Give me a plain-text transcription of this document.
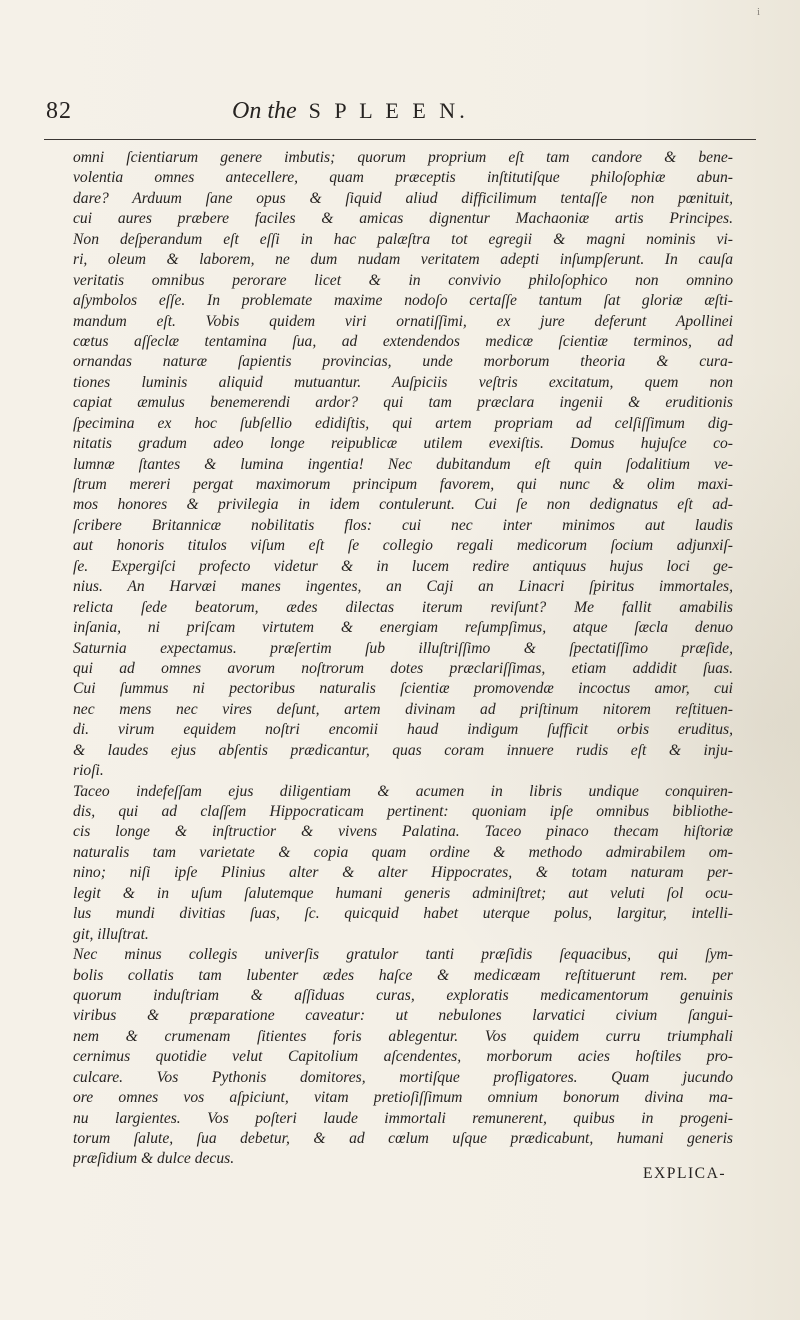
i
82	On the S P L E E N.
omni ſcientiarum genere imbutis; quorum proprium eſt tam candore & bene-
volentia omnes antecellere, quam præceptis inſtitutiſque philoſophiæ abun-
dare? Arduum ſane opus & ſiquid aliud difficilimum tentaſſe non pœnituit,
cui aures præbere faciles & amicas dignentur Machaoniæ artis Principes.
Non deſperandum eſt eſſi in hac palæſtra tot egregii & magni nominis vi-
ri, oleum & laborem, ne dum nudam veritatem adepti inſumpſerunt. In cauſa
veritatis omnibus perorare licet & in convivio philoſophico non omnino
aſymbolos eſſe. In problemate maxime nodoſo certaſſe tantum ſat gloriæ æſti-
mandum eſt. Vobis quidem viri ornatiſſimi, ex jure deferunt Apollinei
cœtus aſſeclæ tentamina ſua, ad extendendos medicæ ſcientiæ terminos, ad
ornandas naturæ ſapientis provincias, unde morborum theoria & cura-
tiones luminis aliquid mutuantur. Auſpiciis veſtris excitatum, quem non
capiat æmulus benemerendi ardor? qui tam præclara ingenii & eruditionis
ſpecimina ex hoc ſubſellio edidiſtis, qui artem propriam ad celſiſſimum dig-
nitatis gradum adeo longe reipublicæ utilem evexiſtis. Domus hujuſce co-
lumnæ ſtantes & lumina ingentia! Nec dubitandum eſt quin ſodalitium ve-
ſtrum mereri pergat maximorum principum favorem, qui nunc & olim maxi-
mos honores & privilegia in idem contulerunt. Cui ſe non dedignatus eſt ad-
ſcribere Britannicæ nobilitatis flos: cui nec inter minimos aut laudis
aut honoris titulos viſum eſt ſe collegio regali medicorum ſocium adjunxiſ-
ſe. Expergiſci profecto videtur & in lucem redire antiquus hujus loci ge-
nius. An Harvæi manes ingentes, an Caji an Linacri ſpiritus immortales,
relicta ſede beatorum, ædes dilectas iterum reviſunt? Me fallit amabilis
inſania, ni priſcam virtutem & energiam reſumpſimus, atque ſæcla denuo
Saturnia expectamus. præſertim ſub illuſtriſſimo & ſpectatiſſimo præſide,
qui ad omnes avorum noſtrorum dotes præclariſſimas, etiam addidit ſuas.
Cui ſummus ni pectoribus naturalis ſcientiæ promovendæ incoctus amor, cui
nec mens nec vires deſunt, artem divinam ad priſtinum nitorem reſtituen-
di. virum equidem noſtri encomii haud indigum ſufficit orbis eruditus,
& laudes ejus abſentis prædicantur, quas coram innuere rudis eſt & inju-
rioſi.
Taceo indefeſſam ejus diligentiam & acumen in libris undique conquiren-
dis, qui ad claſſem Hippocraticam pertinent: quoniam ipſe omnibus bibliothe-
cis longe & inſtructior & vivens Palatina. Taceo pinaco thecam hiſtoriæ
naturalis tam varietate & copia quam ordine & methodo admirabilem om-
nino; niſi ipſe Plinius alter & alter Hippocrates, & totam naturam per-
legit & in uſum ſalutemque humani generis adminiſtret; aut veluti ſol ocu-
lus mundi divitias ſuas, ſc. quicquid habet uterque polus, largitur, intelli-
git, illuſtrat.
Nec minus collegis univerſis gratulor tanti præſidis ſequacibus, qui ſym-
bolis collatis tam lubenter ædes haſce & medicæam reſtituerunt rem. per
quorum induſtriam & aſſiduas curas, exploratis medicamentorum genuinis
viribus & præparatione caveatur: ut nebulones larvatici civium ſangui-
nem & crumenam ſitientes foris ablegentur. Vos quidem curru triumphali
cernimus quotidie velut Capitolium aſcendentes, morborum acies hoſtiles pro-
culcare. Vos Pythonis domitores, mortiſque profligatores. Quam jucundo
ore omnes vos aſpiciunt, vitam pretioſiſſimum omnium bonorum divina ma-
nu largientes. Vos poſteri laude immortali remunerent, quibus in progeni-
torum ſalute, ſua debetur, & ad cœlum uſque prædicabunt, humani generis
præſidium & dulce decus.
EXPLICA-
